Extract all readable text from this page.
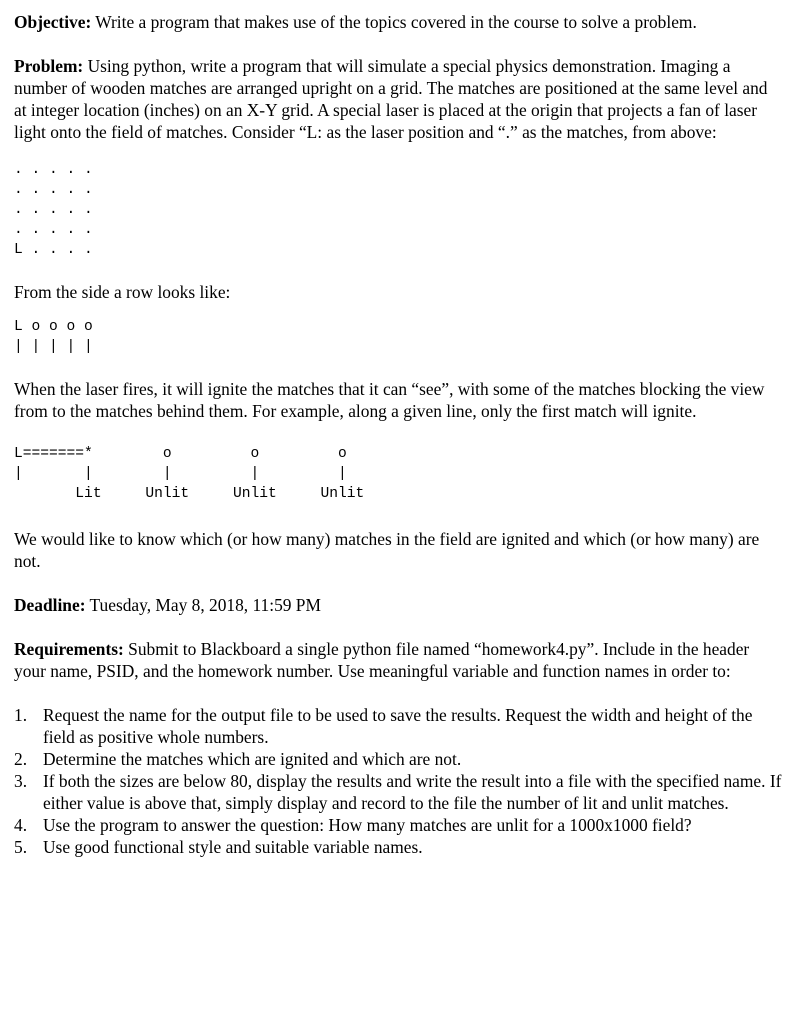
Objective: Write a program that makes use of the topics covered in the course to solve a problem.

Problem: Using python, write a program that will simulate a special physics demonstration. Imaging a number of wooden matches are arranged upright on a grid. The matches are positioned at the same level and at integer location (inches) on an X-Y grid. A special laser is placed at the origin that projects a fan of laser light onto the field of matches. Consider “L: as the laser position and “.” as the matches, from above:

. . . . .
. . . . .
. . . . .
. . . . .
L . . . .

From the side a row looks like:

L o o o o
| | | | |

When the laser fires, it will ignite the matches that it can “see”, with some of the matches blocking the view from to the matches behind them. For example, along a given line, only the first match will ignite.

L=======*        o         o         o
|       |        |         |         |
Lit     Unlit     Unlit     Unlit

We would like to know which (or how many) matches in the field are ignited and which (or how many) are not.

Deadline: Tuesday, May 8, 2018, 11:59 PM

Requirements: Submit to Blackboard a single python file named “homework4.py”. Include in the header your name, PSID, and the homework number. Use meaningful variable and function names in order to:

1. Request the name for the output file to be used to save the results. Request the width and height of the field as positive whole numbers.
2. Determine the matches which are ignited and which are not.
3. If both the sizes are below 80, display the results and write the result into a file with the specified name. If either value is above that, simply display and record to the file the number of lit and unlit matches.
4. Use the program to answer the question: How many matches are unlit for a 1000x1000 field?
5. Use good functional style and suitable variable names.
